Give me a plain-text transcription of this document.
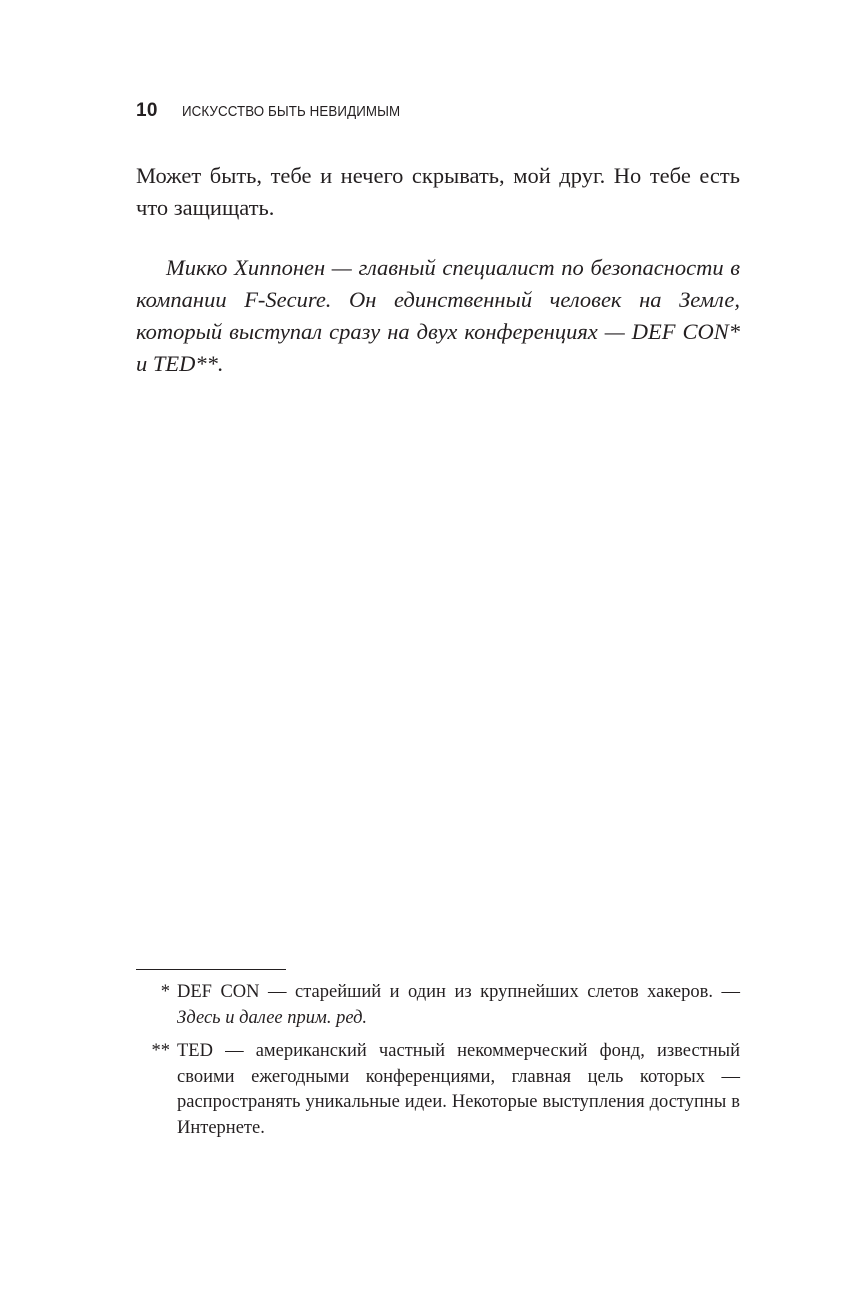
10 ИСКУССТВО БЫТЬ НЕВИДИМЫМ

Может быть, тебе и нечего скрывать, мой друг. Но тебе есть что защищать.

Микко Хиппонен — главный специалист по безопасности в компании F-Secure. Он единственный человек на Земле, который выступал сразу на двух конференциях — DEF CON* и TED**.

* DEF CON — старейший и один из крупнейших слетов хакеров. — Здесь и далее прим. ред.

** TED — американский частный некоммерческий фонд, известный своими ежегодными конференциями, главная цель которых — распространять уникальные идеи. Некоторые выступления доступны в Интернете.
